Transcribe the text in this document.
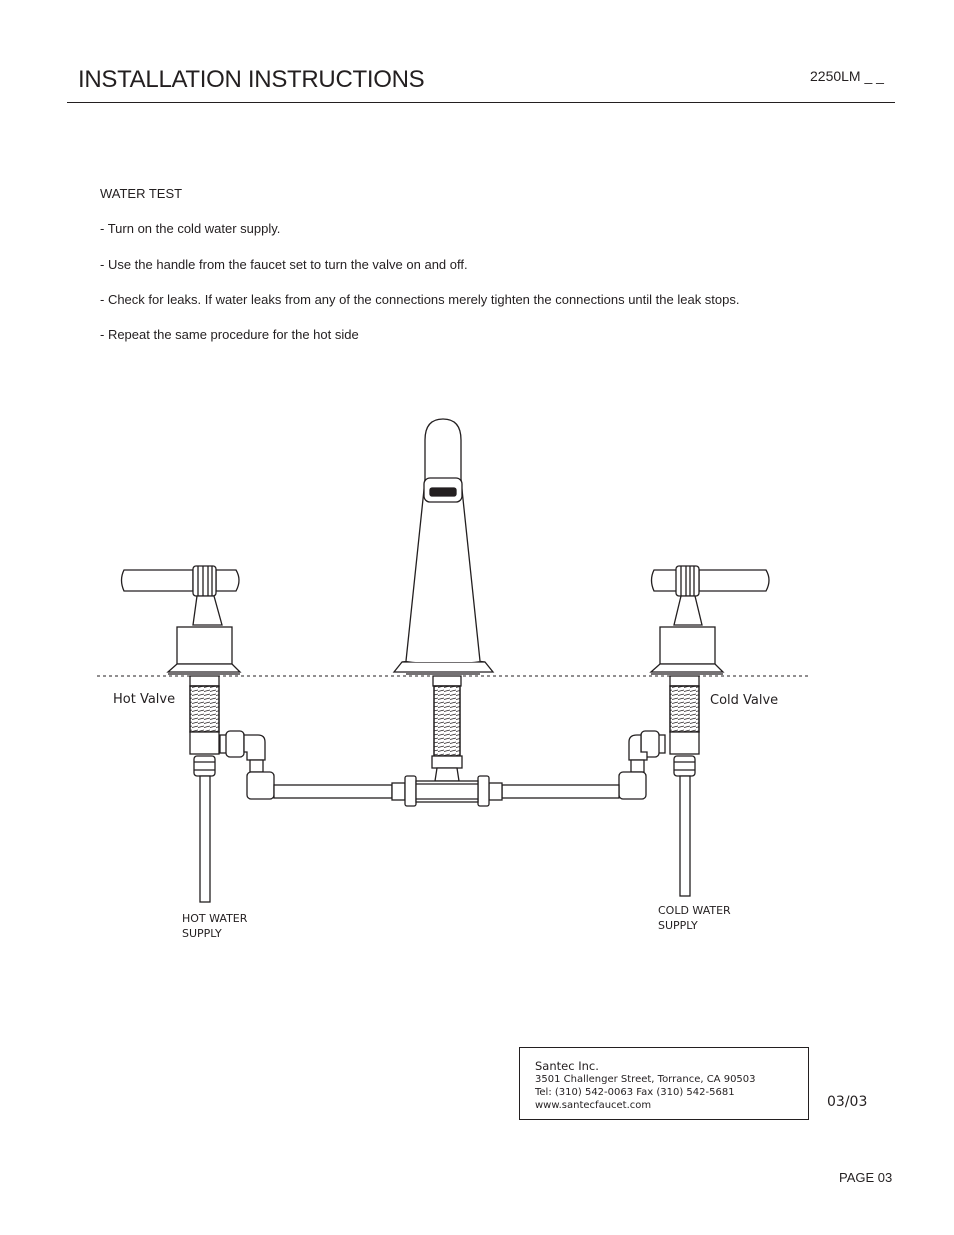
INSTALLATION INSTRUCTIONS	2250LM _ _
WATER TEST
- Turn on the cold water supply.
- Use the handle from the faucet set to turn the valve on and off.
- Check for leaks. If water leaks from any of the connections merely tighten the connections until the leak stops.
- Repeat the same procedure for the hot side
Hot Valve	Cold Valve
HOT WATER
SUPPLY
COLD WATER
SUPPLY
Santec Inc.
3501 Challenger Street, Torrance, CA 90503
Tel: (310) 542-0063 Fax (310) 542-5681
www.santecfaucet.com	03/03
PAGE 03
